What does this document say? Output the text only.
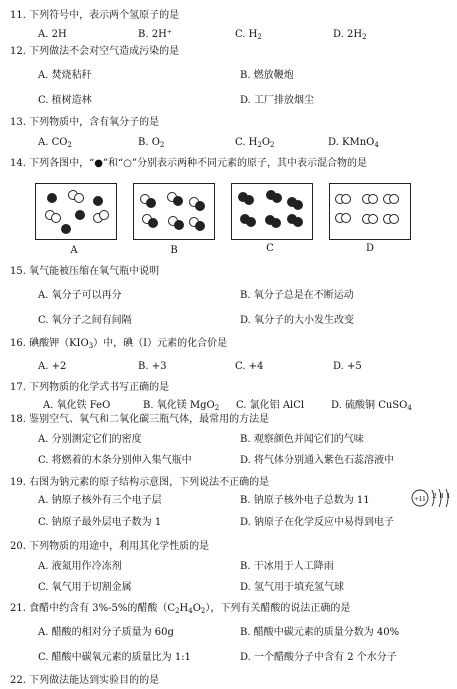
11. 下列符号中，表示两个氢原子的是
A. 2H	B. 2H⁺	C. $H_2$	D. $2H_2$
12. 下列做法不会对空气造成污染的是
A. 焚烧秸秆	B. 燃放鞭炮
C. 植树造林	D. 工厂排放烟尘
13. 下列物质中，含有氧分子的是
A. $CO_2$	B. $O_2$	C. $H_2O_2$	D. KMnO$_4$
14. 下列各图中，“●”和“○”分别表示两种不同元素的原子，其中表示混合物的是
A	B	C	D
15. 氧气能被压缩在氧气瓶中说明
A. 氧分子可以再分	B. 氧分子总是在不断运动
C. 氧分子之间有间隔	D. 氧分子的大小发生改变
16. 碘酸钾$(KIO_3)$中，碘（I）元素的化合价是
A. +2	B. +3	C. +4	D. +5
17. 下列物质的化学式书写正确的是
A. 氧化铁 FeO	B. 氧化镁 MgO$_2$ C. 氯化铝 AlCl	D. 硫酸铜 CuSO$_4$
18. 鉴别空气、氧气和二氧化碳三瓶气体，最常用的方法是
A. 分别测定它们的密度	B. 观察颜色并闻它们的气味
C. 将燃着的木条分别伸入集气瓶中	D. 将气体分别通入紫色石蕊溶液中
19. 右图为钠元素的原子结构示意图，下列说法不正确的是
A. 钠原子核外有三个电子层	B. 钠原子核外电子总数为 11
C. 钠原子最外层电子数为 1	D. 钠原子在化学反应中易得到电子
+11 2 8 1
20. 下列物质的用途中，利用其化学性质的是
A. 液氮用作冷冻剂	B. 干冰用于人工降雨
C. 氧气用于切割金属	D. 氢气用于填充氢气球
21. 食醋中约含有 3%-5%的醋酸$(C_2H_4O_2)$，下列有关醋酸的说法正确的是
A. 醋酸的相对分子质量为 60g	B. 醋酸中碳元素的质量分数为 40%
C. 醋酸中碳氧元素的质量比为 1:1	D. 一个醋酸分子中含有 2 个水分子
22. 下列做法能达到实验目的的是
